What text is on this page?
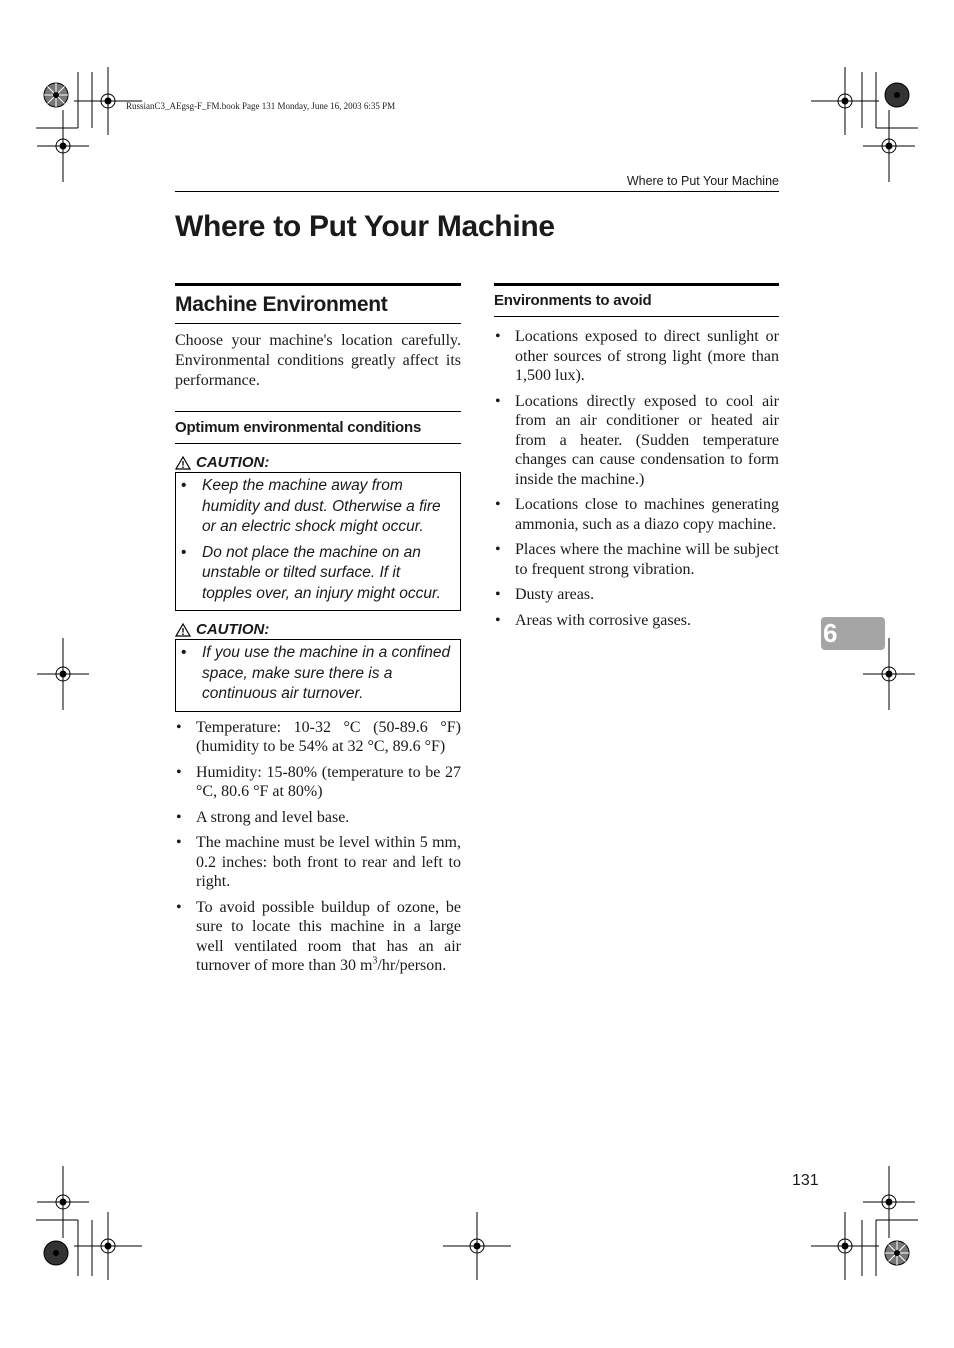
RussianC3_AEgsg-F_FM.book Page 131 Monday, June 16, 2003 6:35 PM
Where to Put Your Machine
Where to Put Your Machine
Machine Environment

Choose your machine's location carefully. Environmental conditions greatly affect its performance.

Optimum environmental conditions
CAUTION:
• Keep the machine away from humidity and dust. Otherwise a fire or an electric shock might occur.
• Do not place the machine on an unstable or tilted surface. If it topples over, an injury might occur.
CAUTION:
• If you use the machine in a confined space, make sure there is a continuous air turnover.
• Temperature: 10-32 °C (50-89.6 °F) (humidity to be 54% at 32 °C, 89.6 °F)
• Humidity: 15-80% (temperature to be 27 °C, 80.6 °F at 80%)
• A strong and level base.
• The machine must be level within 5 mm, 0.2 inches: both front to rear and left to right.
• To avoid possible buildup of ozone, be sure to locate this machine in a large well ventilated room that has an air turnover of more than 30 $m^3/hr$/person.
Environments to avoid
• Locations exposed to direct sunlight or other sources of strong light (more than 1,500 lux).
• Locations directly exposed to cool air from an air conditioner or heated air from a heater. (Sudden temperature changes can cause condensation to form inside the machine.)
• Locations close to machines generating ammonia, such as a diazo copy machine.
• Places where the machine will be subject to frequent strong vibration.
• Dusty areas.
• Areas with corrosive gases.	6
131
